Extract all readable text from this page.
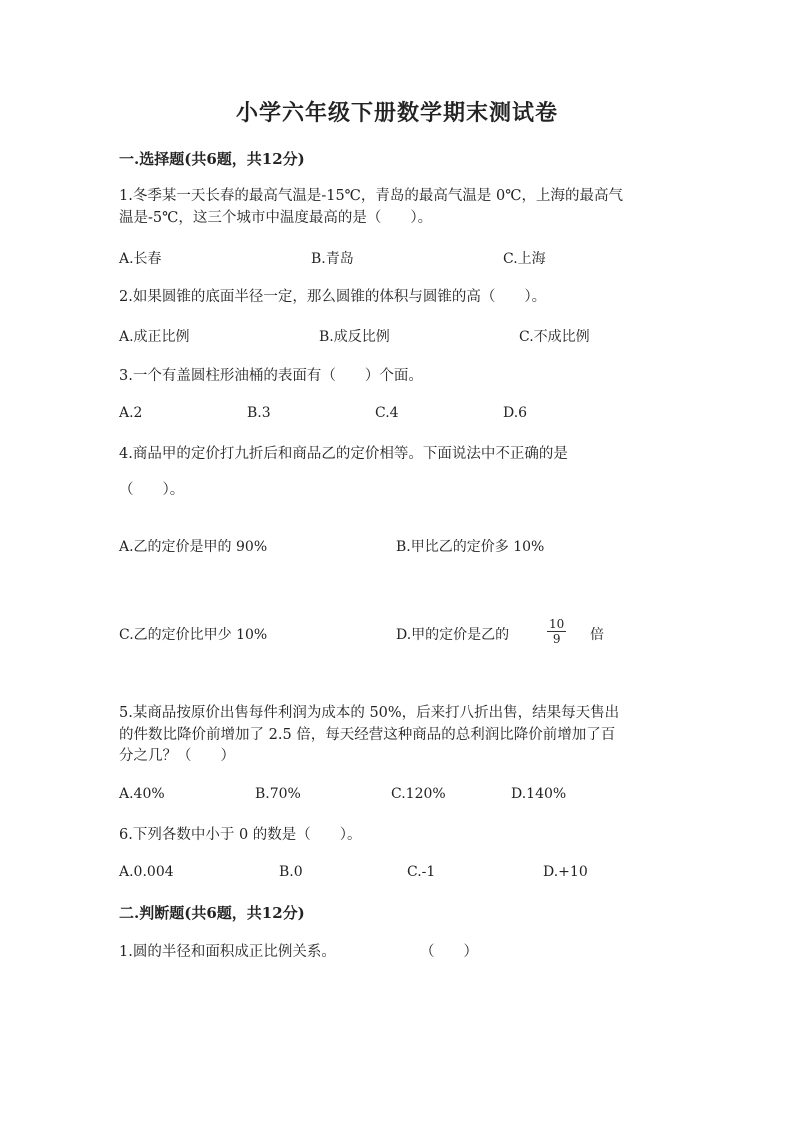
小学六年级下册数学期末测试卷
一.选择题(共6题，共12分)
1.冬季某一天长春的最高气温是-15℃，青岛的最高气温是 0℃，上海的最高气
温是-5℃，这三个城市中温度最高的是（　　）。
A.长春	B.青岛	C.上海
2.如果圆锥的底面半径一定，那么圆锥的体积与圆锥的高（　　）。
A.成正比例	B.成反比例	C.不成比例
3.一个有盖圆柱形油桶的表面有（　　）个面。
A.2	B.3	C.4	D.6
4.商品甲的定价打九折后和商品乙的定价相等。下面说法中不正确的是
（　　）。
A.乙的定价是甲的 90%	B.甲比乙的定价多 10%
C.乙的定价比甲少 10%	D.甲的定价是乙的	$\frac{10}{9}$ 倍
5.某商品按原价出售每件利润为成本的 50%，后来打八折出售，结果每天售出
的件数比降价前增加了 2.5 倍，每天经营这种商品的总利润比降价前增加了百
分之几？（　　）
A.40%	B.70%	C.120%	D.140%
6.下列各数中小于 0 的数是（　　）。
A.0.004	B.0	C.-1	D.+10
二.判断题(共6题，共12分)
1.圆的半径和面积成正比例关系。	（　　）
